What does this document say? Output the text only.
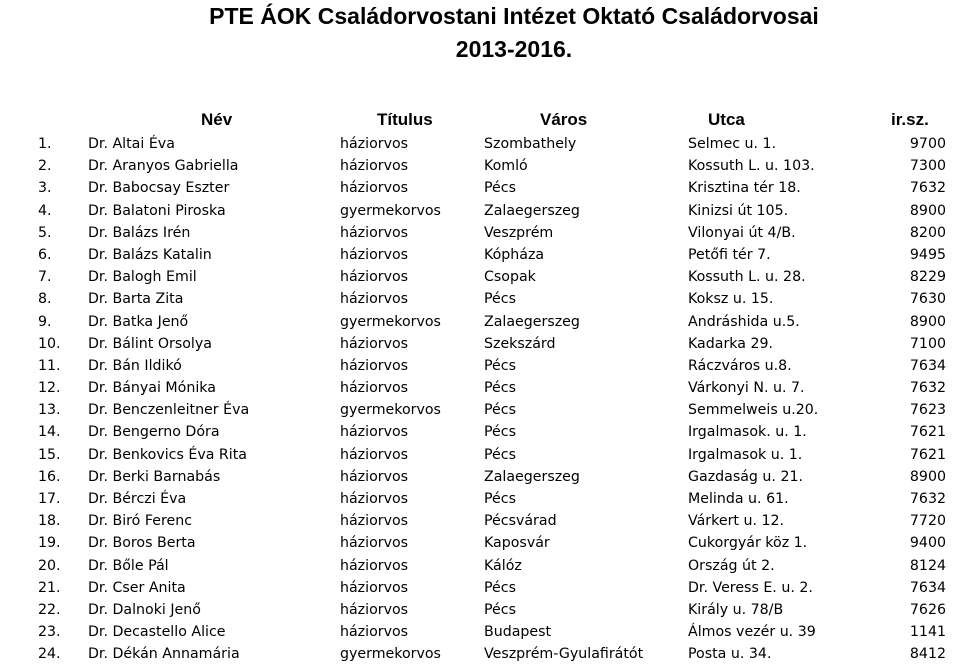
PTE ÁOK Családorvostani Intézet Oktató Családorvosai
2013-2016.
Név	Títulus	Város	Utca	ir.sz.
1.	Dr. Altai Éva	háziorvos	Szombathely	Selmec u. 1.	9700
2.	Dr. Aranyos Gabriella	háziorvos	Komló	Kossuth L. u. 103.	7300
3.	Dr. Babocsay Eszter	háziorvos	Pécs	Krisztina tér 18.	7632
4.	Dr. Balatoni Piroska	gyermekorvos	Zalaegerszeg	Kinizsi út 105.	8900
5.	Dr. Balázs Irén	háziorvos	Veszprém	Vilonyai út 4/B.	8200
6.	Dr. Balázs Katalin	háziorvos	Kópháza	Petőfi tér 7.	9495
7.	Dr. Balogh Emil	háziorvos	Csopak	Kossuth L. u. 28.	8229
8.	Dr. Barta Zita	háziorvos	Pécs	Koksz u. 15.	7630
9.	Dr. Batka Jenő	gyermekorvos	Zalaegerszeg	Andráshida u.5.	8900
10. Dr. Bálint Orsolya	háziorvos	Szekszárd	Kadarka 29.	7100
11. Dr. Bán Ildikó	háziorvos	Pécs	Ráczváros u.8.	7634
12. Dr. Bányai Mónika	háziorvos	Pécs	Várkonyi N. u. 7.	7632
13. Dr. Benczenleitner Éva	gyermekorvos	Pécs	Semmelweis u.20.	7623
14. Dr. Bengerno Dóra	háziorvos	Pécs	Irgalmasok. u. 1.	7621
15. Dr. Benkovics Éva Rita	háziorvos	Pécs	Irgalmasok u. 1.	7621
16. Dr. Berki Barnabás	háziorvos	Zalaegerszeg	Gazdaság u. 21.	8900
17. Dr. Bérczi Éva	háziorvos	Pécs	Melinda u. 61.	7632
18. Dr. Biró Ferenc	háziorvos	Pécsvárad	Várkert u. 12.	7720
19. Dr. Boros Berta	háziorvos	Kaposvár	Cukorgyár köz 1.	9400
20. Dr. Bőle Pál	háziorvos	Kálóz	Ország út 2.	8124
21. Dr. Cser Anita	háziorvos	Pécs	Dr. Veress E. u. 2.	7634
22. Dr. Dalnoki Jenő	háziorvos	Pécs	Király u. 78/B	7626
23. Dr. Decastello Alice	háziorvos	Budapest	Álmos vezér u. 39	1141
24. Dr. Dékán Annamária	gyermekorvos	Veszprém-Gyulafirátót	Posta u. 34.	8412
